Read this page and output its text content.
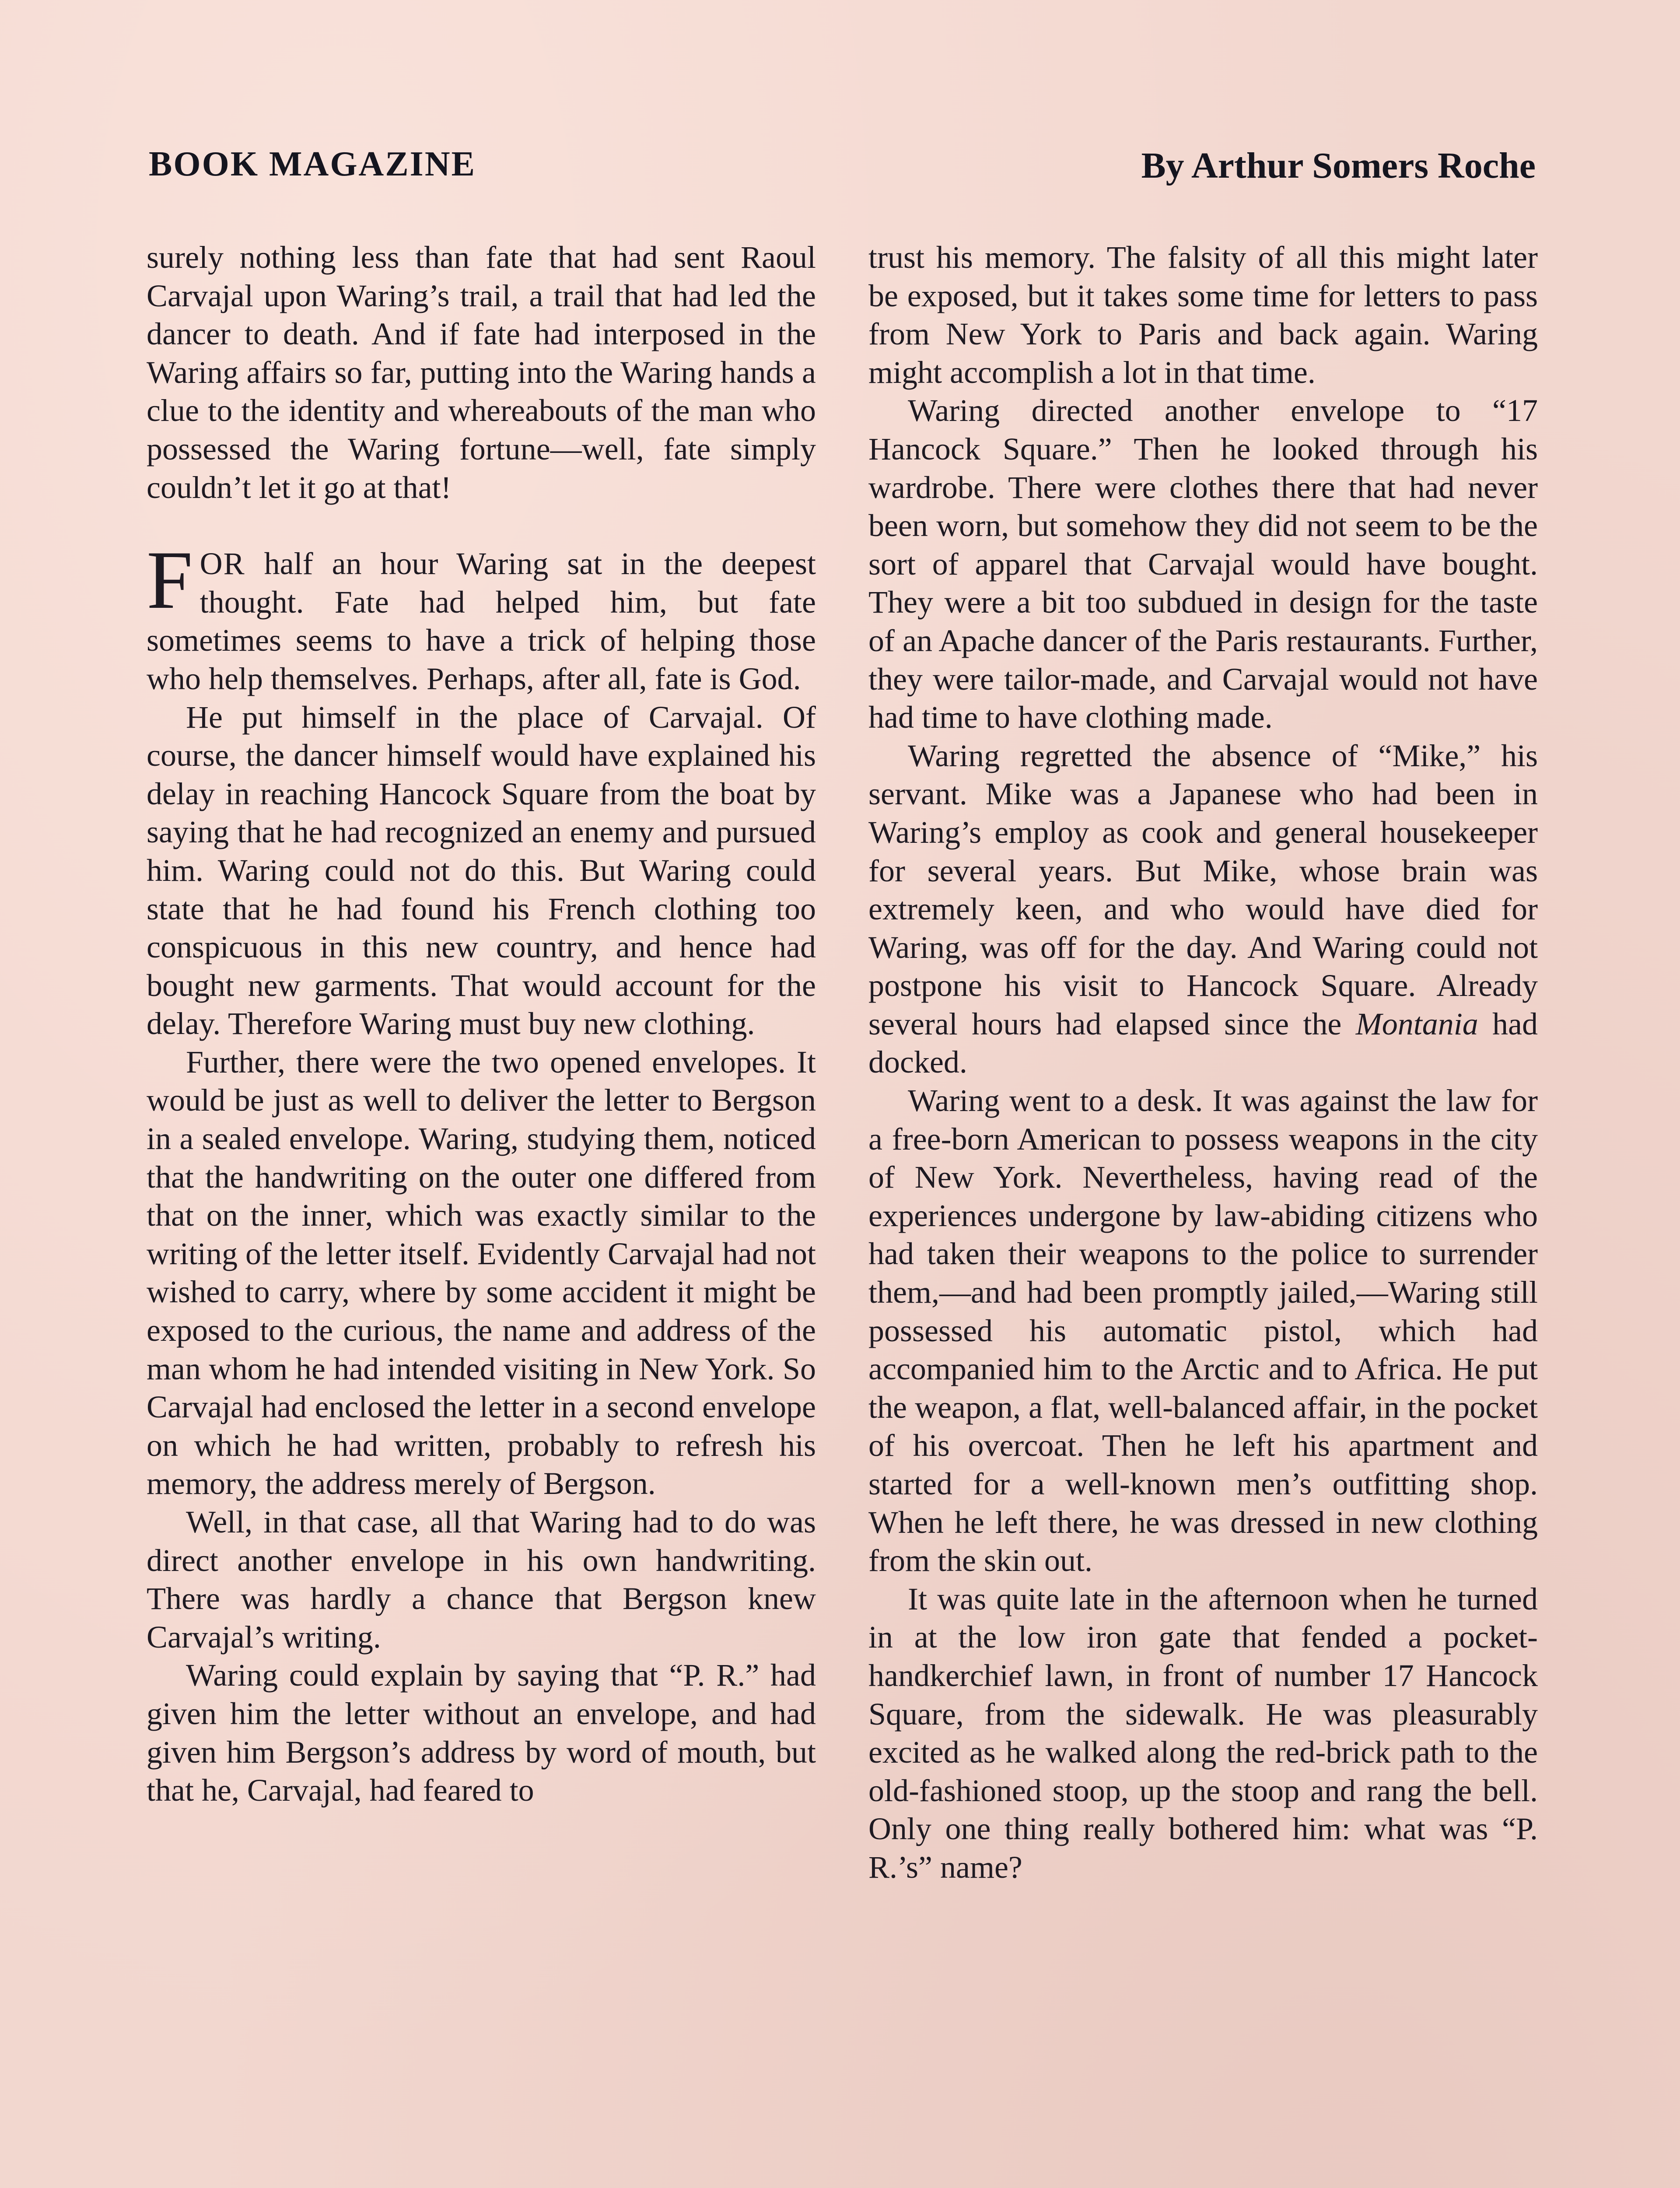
BOOK MAGAZINE	By Arthur Somers Roche

surely nothing less than fate that had sent Raoul Carvajal upon Waring’s trail, a trail that had led the dancer to death. And if fate had interposed in the Waring affairs so far, putting into the Waring hands a clue to the identity and whereabouts of the man who possessed the Waring fortune—well, fate simply couldn’t let it go at that!

FOR half an hour Waring sat in the deepest thought. Fate had helped him, but fate sometimes seems to have a trick of helping those who help themselves. Perhaps, after all, fate is God.

He put himself in the place of Carvajal. Of course, the dancer himself would have explained his delay in reaching Hancock Square from the boat by saying that he had recognized an enemy and pursued him. Waring could not do this. But Waring could state that he had found his French clothing too conspicuous in this new country, and hence had bought new garments. That would account for the delay. Therefore Waring must buy new clothing.

Further, there were the two opened envelopes. It would be just as well to deliver the letter to Bergson in a sealed envelope. Waring, studying them, noticed that the handwriting on the outer one differed from that on the inner, which was exactly similar to the writing of the letter itself. Evidently Carvajal had not wished to carry, where by some accident it might be exposed to the curious, the name and address of the man whom he had intended visiting in New York. So Carvajal had enclosed the letter in a second envelope on which he had written, probably to refresh his memory, the address merely of Bergson.

Well, in that case, all that Waring had to do was direct another envelope in his own handwriting. There was hardly a chance that Bergson knew Carvajal’s writing.

Waring could explain by saying that “P. R.” had given him the letter without an envelope, and had given him Bergson’s address by word of mouth, but that he, Carvajal, had feared to

trust his memory. The falsity of all this might later be exposed, but it takes some time for letters to pass from New York to Paris and back again. Waring might accomplish a lot in that time.

Waring directed another envelope to “17 Hancock Square.” Then he looked through his wardrobe. There were clothes there that had never been worn, but somehow they did not seem to be the sort of apparel that Carvajal would have bought. They were a bit too subdued in design for the taste of an Apache dancer of the Paris restaurants. Further, they were tailor-made, and Carvajal would not have had time to have clothing made.

Waring regretted the absence of “Mike,” his servant. Mike was a Japanese who had been in Waring’s employ as cook and general housekeeper for several years. But Mike, whose brain was extremely keen, and who would have died for Waring, was off for the day. And Waring could not postpone his visit to Hancock Square. Already several hours had elapsed since the Montania had docked.

Waring went to a desk. It was against the law for a free-born American to possess weapons in the city of New York. Nevertheless, having read of the experiences undergone by law-abiding citizens who had taken their weapons to the police to surrender them,—and had been promptly jailed,—Waring still possessed his automatic pistol, which had accompanied him to the Arctic and to Africa. He put the weapon, a flat, well-balanced affair, in the pocket of his overcoat. Then he left his apartment and started for a well-known men’s outfitting shop. When he left there, he was dressed in new clothing from the skin out.

It was quite late in the afternoon when he turned in at the low iron gate that fended a pocket-handkerchief lawn, in front of number 17 Hancock Square, from the sidewalk. He was pleasurably excited as he walked along the red-brick path to the old-fashioned stoop, up the stoop and rang the bell. Only one thing really bothered him: what was “P. R.’s” name?
